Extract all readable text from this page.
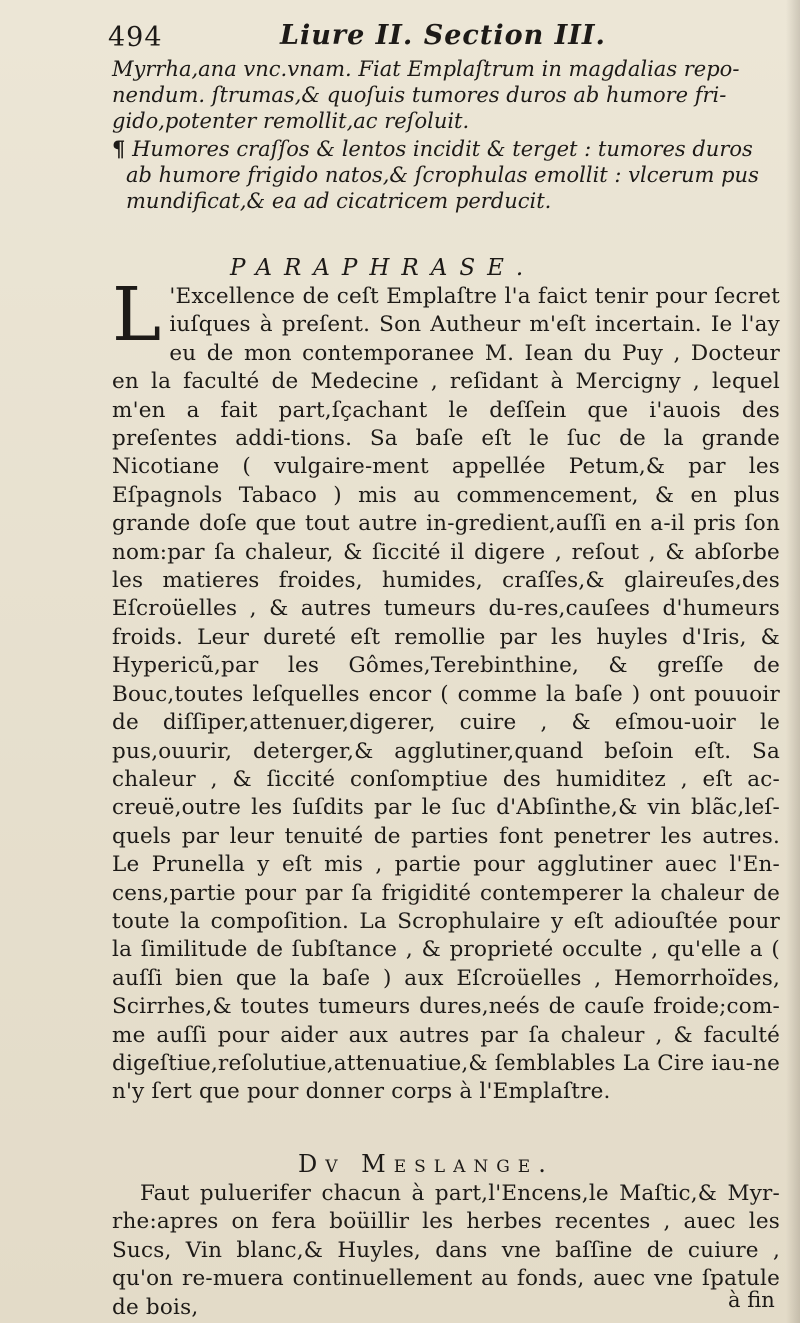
494	Liure II. Section III.

Myrrha,ana vnc.vnam. Fiat Emplaſtrum in magdalias repo-nendum. ſtrumas,& quoſuis tumores duros ab humore fri-gido,potenter remollit,ac reſoluit.

¶ Humores craſſos & lentos incidit & terget : tumores duros ab humore frigido natos,& ſcrophulas emollit : vlcerum pus mundificat,& ea ad cicatricem perducit.

PARAPHRASE.

L 'Excellence de ceſt Emplaſtre l'a faict tenir pour ſecret iuſques à preſent. Son Autheur m'eſt incertain. Ie l'ay eu de mon contemporanee M. Iean du Puy , Docteur en la faculté de Medecine , reſidant à Mercigny , lequel m'en a fait part,ſçachant le deſſein que i'auois des preſentes addi-tions. Sa baſe eſt le ſuc de la grande Nicotiane ( vulgaire-ment appellée Petum,& par les Eſpagnols Tabaco ) mis au commencement, & en plus grande doſe que tout autre in-gredient,auſſi en a-il pris ſon nom:par ſa chaleur, & ſiccité il digere , reſout , & abſorbe les matieres froides, humides, craſſes,& glaireuſes,des Eſcroüelles , & autres tumeurs du-res,cauſees d'humeurs froids. Leur dureté eſt remollie par les huyles d'Iris, & Hypericũ,par les Gômes,Terebinthine, & greſſe de Bouc,toutes leſquelles encor ( comme la baſe ) ont pouuoir de diſſiper,attenuer,digerer, cuire , & eſmou-uoir le pus,ouurir, deterger,& agglutiner,quand beſoin eſt. Sa chaleur , & ſiccité conſomptiue des humiditez , eſt ac-creuë,outre les ſuſdits par le ſuc d'Abſinthe,& vin blãc,leſ-quels par leur tenuité de parties font penetrer les autres. Le Prunella y eſt mis , partie pour agglutiner auec l'En-cens,partie pour par ſa frigidité contemperer la chaleur de toute la compoſition. La Scrophulaire y eſt adiouſtée pour la ſimilitude de ſubſtance , & proprieté occulte , qu'elle a ( auſſi bien que la baſe ) aux Eſcroüelles , Hemorrhoïdes, Scirrhes,& toutes tumeurs dures,neés de cauſe froide;com-me auſſi pour aider aux autres par ſa chaleur , & faculté digeſtiue,reſolutiue,attenuatiue,& ſemblables La Cire iau-ne n'y ſert que pour donner corps à l'Emplaſtre.

Dv Meslange.

Faut puluerifer chacun à part,l'Encens,le Maſtic,& Myr-rhe:apres on fera boüillir les herbes recentes , auec les Sucs, Vin blanc,& Huyles, dans vne baſſine de cuiure , qu'on re-muera continuellement au fonds, auec vne ſpatule de bois,	à fin
